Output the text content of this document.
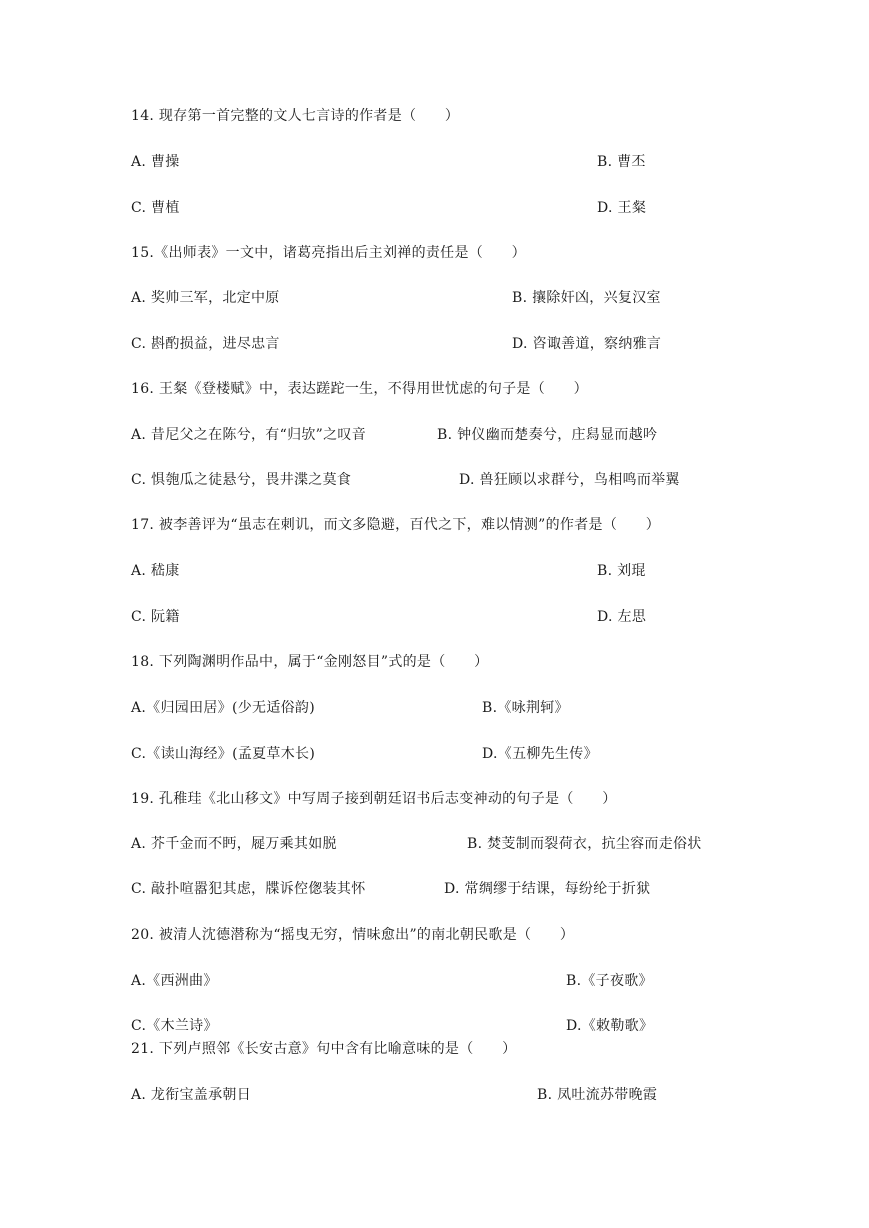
14. 现存第一首完整的文人七言诗的作者是（　　）
A. 曹操	B. 曹丕
C. 曹植	D. 王粲
15.《出师表》一文中，诸葛亮指出后主刘禅的责任是（　　）
A. 奖帅三军，北定中原	B. 攘除奸凶，兴复汉室
C. 斟酌损益，进尽忠言	D. 咨诹善道，察纳雅言
16. 王粲《登楼赋》中，表达蹉跎一生，不得用世忧虑的句子是（　　）
A. 昔尼父之在陈兮，有“归欤”之叹音	B. 钟仪幽而楚奏兮，庄舄显而越吟
C. 惧匏瓜之徒悬兮，畏井渫之莫食	D. 兽狂顾以求群兮，鸟相鸣而举翼
17. 被李善评为“虽志在刺讥，而文多隐避，百代之下，难以情测”的作者是（　　）
A. 嵇康	B. 刘琨
C. 阮籍	D. 左思
18. 下列陶渊明作品中，属于“金刚怒目”式的是（　　）
A.《归园田居》(少无适俗韵)	B.《咏荆轲》
C.《读山海经》(孟夏草木长)	D.《五柳先生传》
19. 孔稚珪《北山移文》中写周子接到朝廷诏书后志变神动的句子是（　　）
A. 芥千金而不眄，屣万乘其如脱	B. 焚芰制而裂荷衣，抗尘容而走俗状
C. 敲扑喧嚣犯其虑，牒诉倥偬装其怀	D. 常绸缪于结课，每纷纶于折狱
20. 被清人沈德潜称为“摇曳无穷，情味愈出”的南北朝民歌是（　　）
A.《西洲曲》	B.《子夜歌》
C.《木兰诗》	D.《敕勒歌》
21. 下列卢照邻《长安古意》句中含有比喻意味的是（　　）
A. 龙衔宝盖承朝日	B. 凤吐流苏带晚霞
